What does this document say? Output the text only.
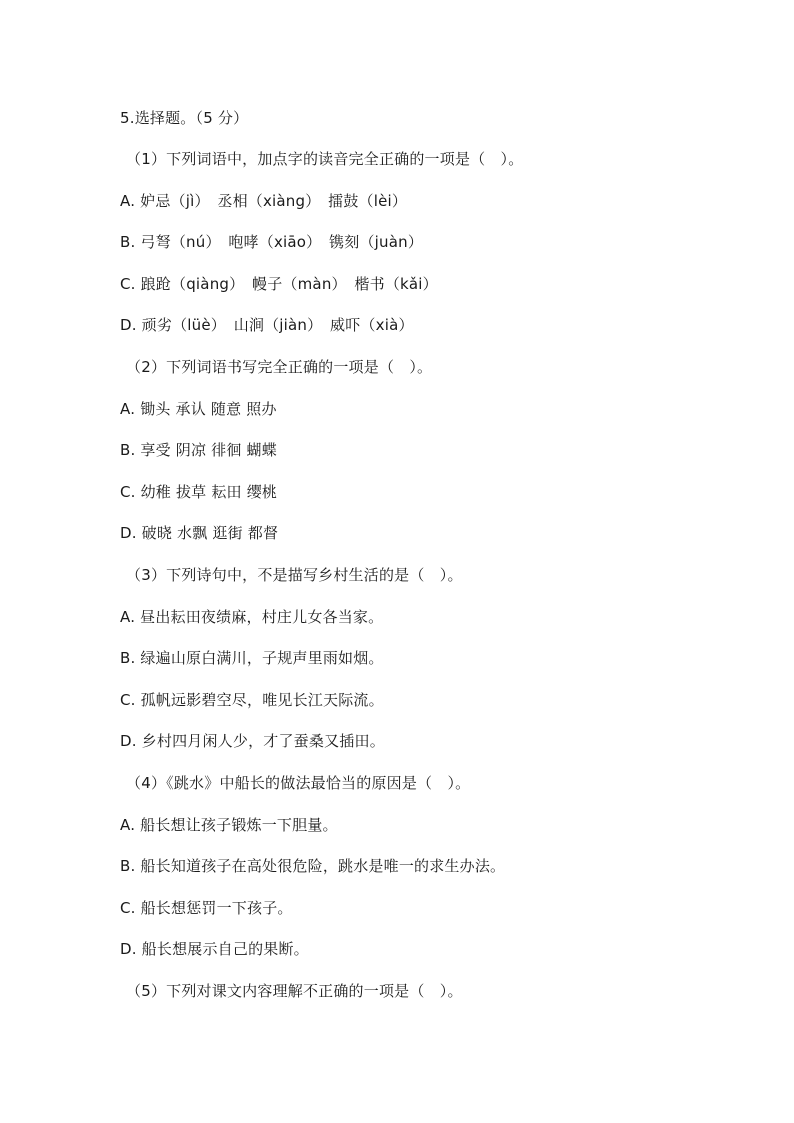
5.选择题。（5 分）
（1）下列词语中，加点字的读音完全正确的一项是（　）。
A. 妒忌（jì）　丞相（xiàng）　擂鼓（lèi）
B. 弓弩（nú）　咆哮（xiāo）　镌刻（juàn）
C. 踉跄（qiàng）　幔子（màn）　楷书（kǎi）
D. 顽劣（lüè）　山涧（jiàn）　威吓（xià）
（2）下列词语书写完全正确的一项是（　）。
A. 锄头 承认 随意 照办
B. 享受 阴凉 徘徊 蝴蝶
C. 幼稚 拔草 耘田 缨桃
D. 破晓 水飘 逛街 都督
（3）下列诗句中，不是描写乡村生活的是（　）。
A. 昼出耘田夜绩麻，村庄儿女各当家。
B. 绿遍山原白满川，子规声里雨如烟。
C. 孤帆远影碧空尽，唯见长江天际流。
D. 乡村四月闲人少，才了蚕桑又插田。
（4）《跳水》中船长的做法最恰当的原因是（　）。
A. 船长想让孩子锻炼一下胆量。
B. 船长知道孩子在高处很危险，跳水是唯一的求生办法。
C. 船长想惩罚一下孩子。
D. 船长想展示自己的果断。
（5）下列对课文内容理解不正确的一项是（　）。
